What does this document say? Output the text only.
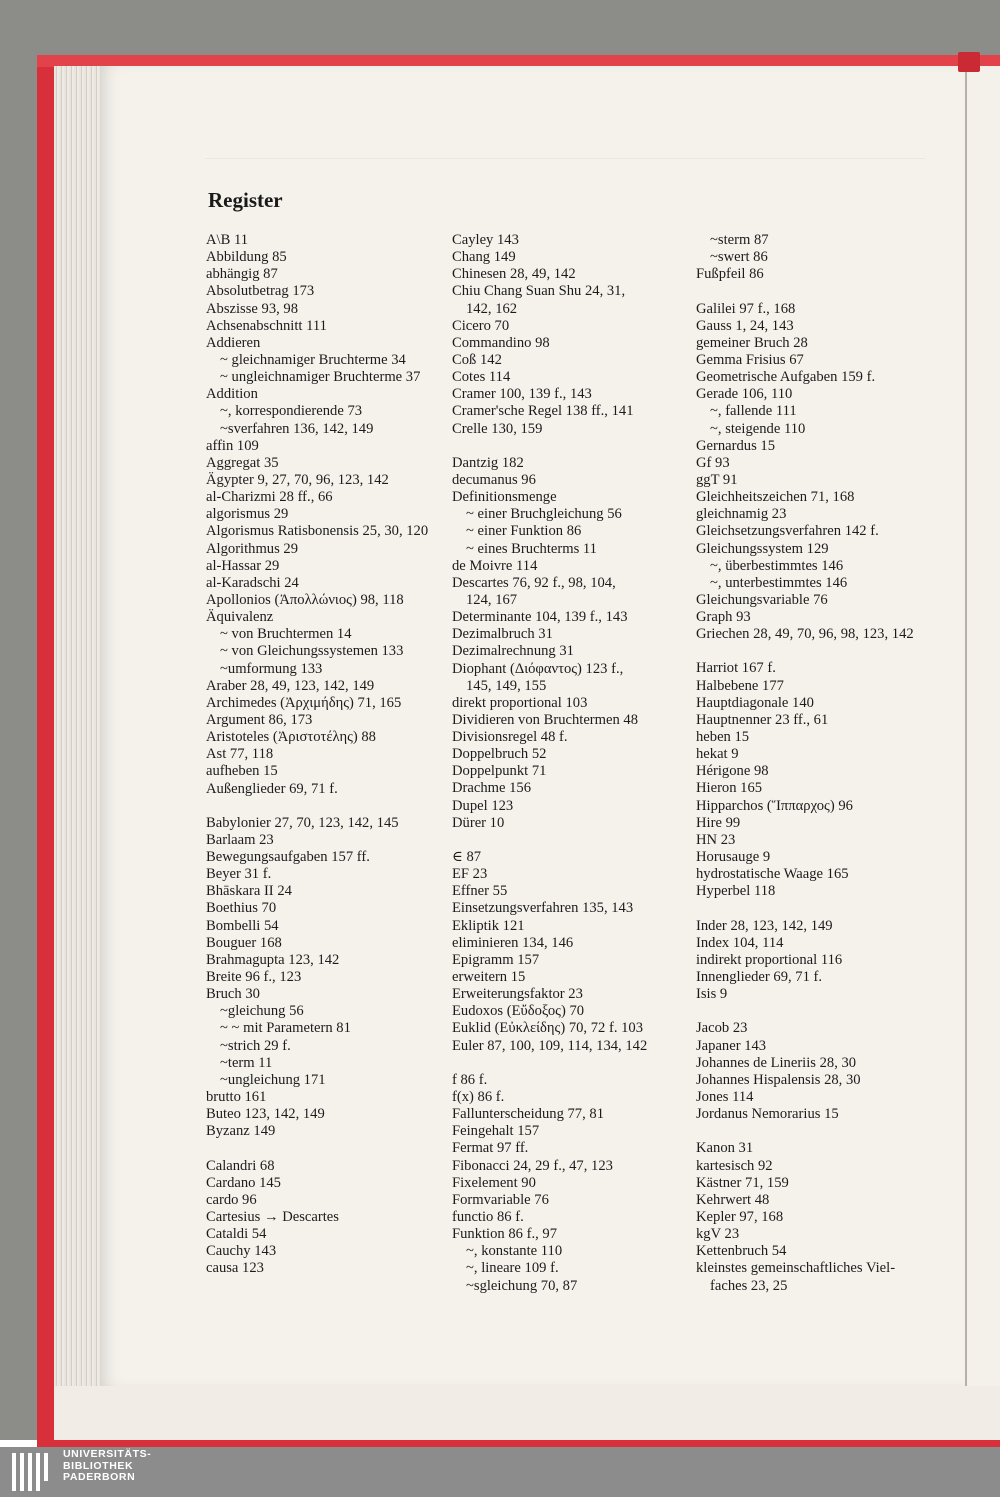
Register
A\B 11
Abbildung 85
abhängig 87
Absolutbetrag 173
Abszisse 93, 98
Achsenabschnitt 111
Addieren
~ gleichnamiger Bruchterme 34
~ ungleichnamiger Bruchterme 37
Addition
~, korrespondierende 73
~sverfahren 136, 142, 149
affin 109
Aggregat 35
Ägypter 9, 27, 70, 96, 123, 142
al-Charizmi 28 ff., 66
algorismus 29
Algorismus Ratisbonensis 25, 30, 120
Algorithmus 29
al-Hassar 29
al-Karadschi 24
Apollonios (Ἀπολλώνιος) 98, 118
Äquivalenz
~ von Bruchtermen 14
~ von Gleichungssystemen 133
~umformung 133
Araber 28, 49, 123, 142, 149
Archimedes (Ἀρχιμήδης) 71, 165
Argument 86, 173
Aristoteles (Ἀριστοτέλης) 88
Ast 77, 118
aufheben 15
Außenglieder 69, 71 f.
Babylonier 27, 70, 123, 142, 145
Barlaam 23
Bewegungsaufgaben 157 ff.
Beyer 31 f.
Bhāskara II 24
Boethius 70
Bombelli 54
Bouguer 168
Brahmagupta 123, 142
Breite 96 f., 123
Bruch 30
~gleichung 56
~ ~ mit Parametern 81
~strich 29 f.
~term 11
~ungleichung 171
brutto 161
Buteo 123, 142, 149
Byzanz 149
Calandri 68
Cardano 145
cardo 96
Cartesius → Descartes
Cataldi 54
Cauchy 143
causa 123
Cayley 143
Chang 149
Chinesen 28, 49, 142
Chiu Chang Suan Shu 24, 31,
142, 162
Cicero 70
Commandino 98
Coß 142
Cotes 114
Cramer 100, 139 f., 143
Cramer'sche Regel 138 ff., 141
Crelle 130, 159
Dantzig 182
decumanus 96
Definitionsmenge
~ einer Bruchgleichung 56
~ einer Funktion 86
~ eines Bruchterms 11
de Moivre 114
Descartes 76, 92 f., 98, 104,
124, 167
Determinante 104, 139 f., 143
Dezimalbruch 31
Dezimalrechnung 31
Diophant (Διόφαντος) 123 f.,
145, 149, 155
direkt proportional 103
Dividieren von Bruchtermen 48
Divisionsregel 48 f.
Doppelbruch 52
Doppelpunkt 71
Drachme 156
Dupel 123
Dürer 10
∈ 87
EF 23
Effner 55
Einsetzungsverfahren 135, 143
Ekliptik 121
eliminieren 134, 146
Epigramm 157
erweitern 15
Erweiterungsfaktor 23
Eudoxos (Εὔδοξος) 70
Euklid (Εὐκλείδης) 70, 72 f. 103
Euler 87, 100, 109, 114, 134, 142
f 86 f.
f(x) 86 f.
Fallunterscheidung 77, 81
Feingehalt 157
Fermat 97 ff.
Fibonacci 24, 29 f., 47, 123
Fixelement 90
Formvariable 76
functio 86 f.
Funktion 86 f., 97
~, konstante 110
~, lineare 109 f.
~sgleichung 70, 87
~sterm 87
~swert 86
Fußpfeil 86
Galilei 97 f., 168
Gauss 1, 24, 143
gemeiner Bruch 28
Gemma Frisius 67
Geometrische Aufgaben 159 f.
Gerade 106, 110
~, fallende 111
~, steigende 110
Gernardus 15
Gf 93
ggT 91
Gleichheitszeichen 71, 168
gleichnamig 23
Gleichsetzungsverfahren 142 f.
Gleichungssystem 129
~, überbestimmtes 146
~, unterbestimmtes 146
Gleichungsvariable 76
Graph 93
Griechen 28, 49, 70, 96, 98, 123, 142
Harriot 167 f.
Halbebene 177
Hauptdiagonale 140
Hauptnenner 23 ff., 61
heben 15
hekat 9
Hérigone 98
Hieron 165
Hipparchos (Ἵππαρχος) 96
Hire 99
HN 23
Horusauge 9
hydrostatische Waage 165
Hyperbel 118
Inder 28, 123, 142, 149
Index 104, 114
indirekt proportional 116
Innenglieder 69, 71 f.
Isis 9
Jacob 23
Japaner 143
Johannes de Lineriis 28, 30
Johannes Hispalensis 28, 30
Jones 114
Jordanus Nemorarius 15
Kanon 31
kartesisch 92
Kästner 71, 159
Kehrwert 48
Kepler 97, 168
kgV 23
Kettenbruch 54
kleinstes gemeinschaftliches Viel-
faches 23, 25
UNIVERSITÄTS-
BIBLIOTHEK
PADERBORN
